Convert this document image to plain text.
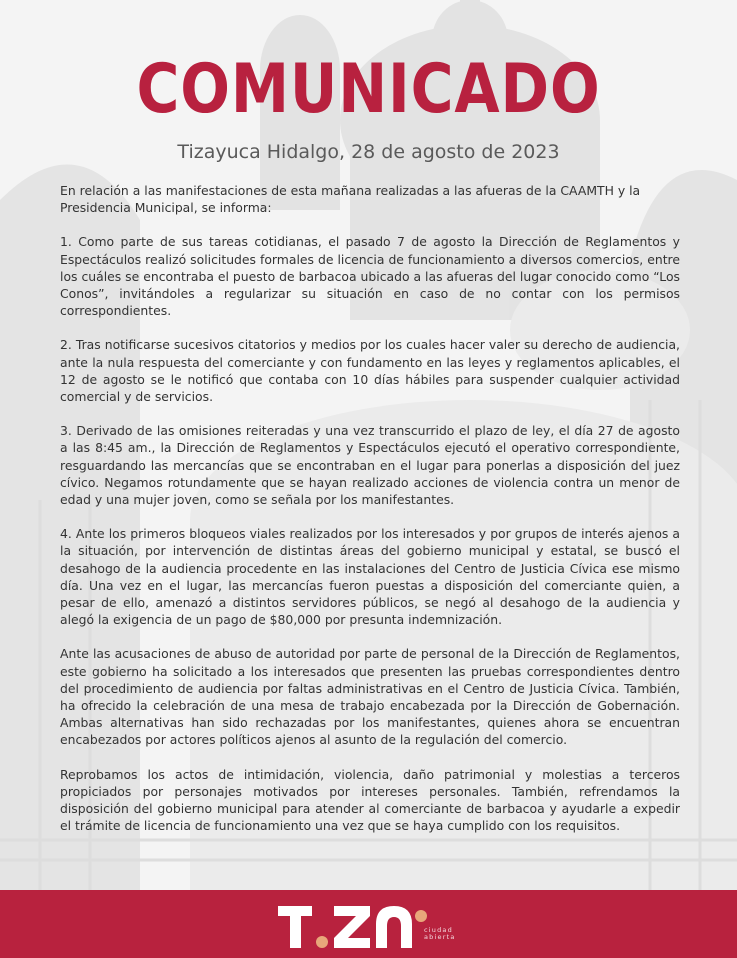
COMUNICADO
Tizayuca Hidalgo, 28 de agosto de 2023

En relación a las manifestaciones de esta mañana realizadas a las afueras de la CAAMTH y la Presidencia Municipal, se informa:

1. Como parte de sus tareas cotidianas, el pasado 7 de agosto la Dirección de Reglamentos y Espectáculos realizó solicitudes formales de licencia de funcionamiento a diversos comercios, entre los cuáles se encontraba el puesto de barbacoa ubicado a las afueras del lugar conocido como “Los Conos”, invitándoles a regularizar su situación en caso de no contar con los permisos correspondientes.

2. Tras notificarse sucesivos citatorios y medios por los cuales hacer valer su derecho de audiencia, ante la nula respuesta del comerciante y con fundamento en las leyes y reglamentos aplicables, el 12 de agosto se le notificó que contaba con 10 días hábiles para suspender cualquier actividad comercial y de servicios.

3. Derivado de las omisiones reiteradas y una vez transcurrido el plazo de ley, el día 27 de agosto a las 8:45 am., la Dirección de Reglamentos y Espectáculos ejecutó el operativo correspondiente, resguardando las mercancías que se encontraban en el lugar para ponerlas a disposición del juez cívico. Negamos rotundamente que se hayan realizado acciones de violencia contra un menor de edad y una mujer joven, como se señala por los manifestantes.

4. Ante los primeros bloqueos viales realizados por los interesados y por grupos de interés ajenos a la situación, por intervención de distintas áreas del gobierno municipal y estatal, se buscó el desahogo de la audiencia procedente en las instalaciones del Centro de Justicia Cívica ese mismo día. Una vez en el lugar, las mercancías fueron puestas a disposición del comerciante quien, a pesar de ello, amenazó a distintos servidores públicos, se negó al desahogo de la audiencia y alegó la exigencia de un pago de $80,000 por presunta indemnización.

Ante las acusaciones de abuso de autoridad por parte de personal de la Dirección de Reglamentos, este gobierno ha solicitado a los interesados que presenten las pruebas correspondientes dentro del procedimiento de audiencia por faltas administrativas en el Centro de Justicia Cívica. También, ha ofrecido la celebración de una mesa de trabajo encabezada por la Dirección de Gobernación. Ambas alternativas han sido rechazadas por los manifestantes, quienes ahora se encuentran encabezados por actores políticos ajenos al asunto de la regulación del comercio.

Reprobamos los actos de intimidación, violencia, daño patrimonial y molestias a terceros propiciados por personajes motivados por intereses personales. También, refrendamos la disposición del gobierno municipal para atender al comerciante de barbacoa y ayudarle a expedir el trámite de licencia de funcionamiento una vez que se haya cumplido con los requisitos.

ciudad
abierta
